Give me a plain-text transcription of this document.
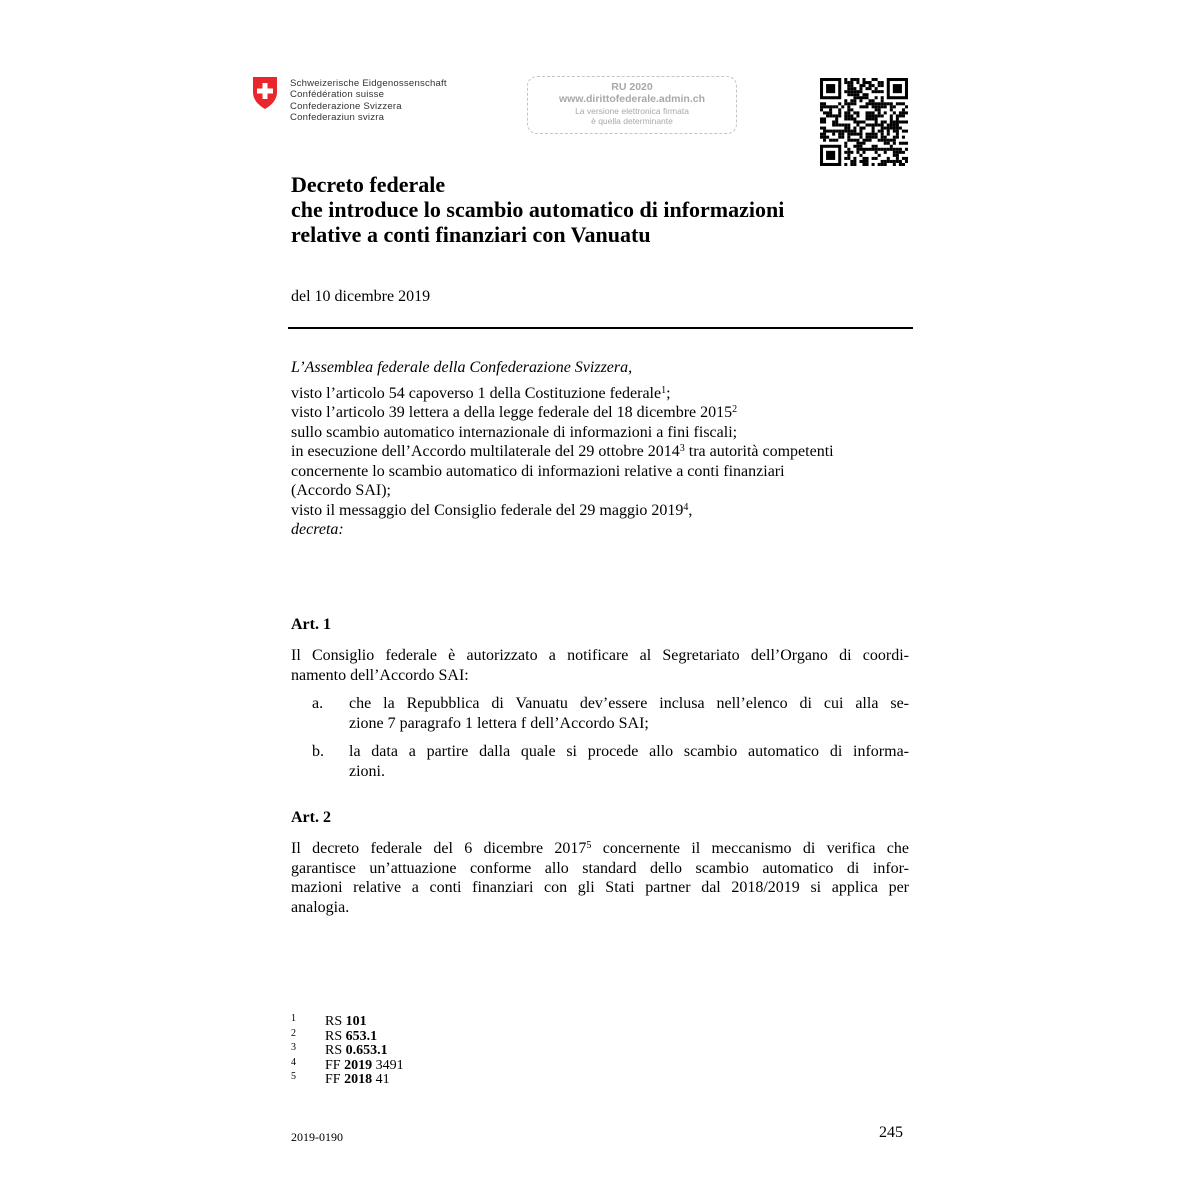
Schweizerische Eidgenossenschaft
Confédération suisse
Confederazione Svizzera
Confederaziun svizra
RU 2020
www.dirittofederale.admin.ch
La versione elettronica firmata
è quella determinante
Decreto federale
che introduce lo scambio automatico di informazioni
relative a conti finanziari con Vanuatu
del 10 dicembre 2019
L’Assemblea federale della Confederazione Svizzera,
visto l’articolo 54 capoverso 1 della Costituzione federale$^1$;
visto l’articolo 39 lettera a della legge federale del 18 dicembre 2015$^2$
sullo scambio automatico internazionale di informazioni a fini fiscali;
in esecuzione dell’Accordo multilaterale del 29 ottobre 2014$^3$ tra autorità competenti
concernente lo scambio automatico di informazioni relative a conti finanziari
(Accordo SAI);
visto il messaggio del Consiglio federale del 29 maggio 2019$^4$,
decreta:
Art. 1
Il Consiglio federale è autorizzato a notificare al Segretariato dell’Organo di coordi-
namento dell’Accordo SAI:
a. che la Repubblica di Vanuatu dev’essere inclusa nell’elenco di cui alla se-
zione 7 paragrafo 1 lettera f dell’Accordo SAI;
b. la data a partire dalla quale si procede allo scambio automatico di informa-
zioni.
Art. 2
Il decreto federale del 6 dicembre 2017$^5$ concernente il meccanismo di verifica che
garantisce un’attuazione conforme allo standard dello scambio automatico di infor-
mazioni relative a conti finanziari con gli Stati partner dal 2018/2019 si applica per
analogia.
1 RS 101
2 RS 653.1
3 RS 0.653.1
4 FF 2019 3491
5 FF 2018 41
2019-0190	245
